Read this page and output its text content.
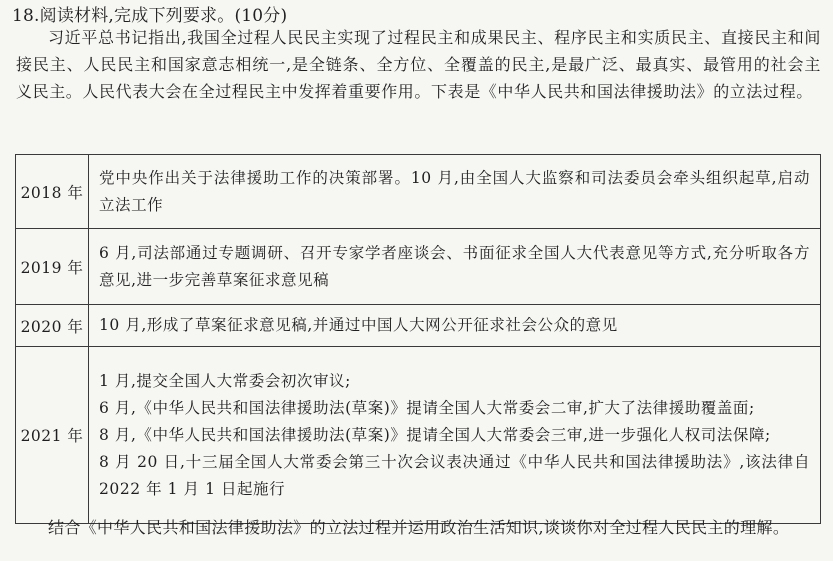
18.阅读材料,完成下列要求。(10分)
习近平总书记指出,我国全过程人民民主实现了过程民主和成果民主、程序民主和实质民主、直接民主和间接民主、人民民主和国家意志相统一,是全链条、全方位、全覆盖的民主,是最广泛、最真实、最管用的社会主义民主。人民代表大会在全过程民主中发挥着重要作用。下表是《中华人民共和国法律援助法》的立法过程。
2018 年	党中央作出关于法律援助工作的决策部署。10 月,由全国人大监察和司法委员会牵头组织起草,启动立法工作

2019 年	6 月,司法部通过专题调研、召开专家学者座谈会、书面征求全国人大代表意见等方式,充分听取各方意见,进一步完善草案征求意见稿

2020 年	10 月,形成了草案征求意见稿,并通过中国人大网公开征求社会公众的意见

2021 年	1 月,提交全国人大常委会初次审议;
6 月,《中华人民共和国法律援助法(草案)》提请全国人大常委会二审,扩大了法律援助覆盖面;
8 月,《中华人民共和国法律援助法(草案)》提请全国人大常委会三审,进一步强化人权司法保障;
8 月 20 日,十三届全国人大常委会第三十次会议表决通过《中华人民共和国法律援助法》,该法律自 2022 年 1 月 1 日起施行
结合《中华人民共和国法律援助法》的立法过程并运用政治生活知识,谈谈你对全过程人民民主的理解。
